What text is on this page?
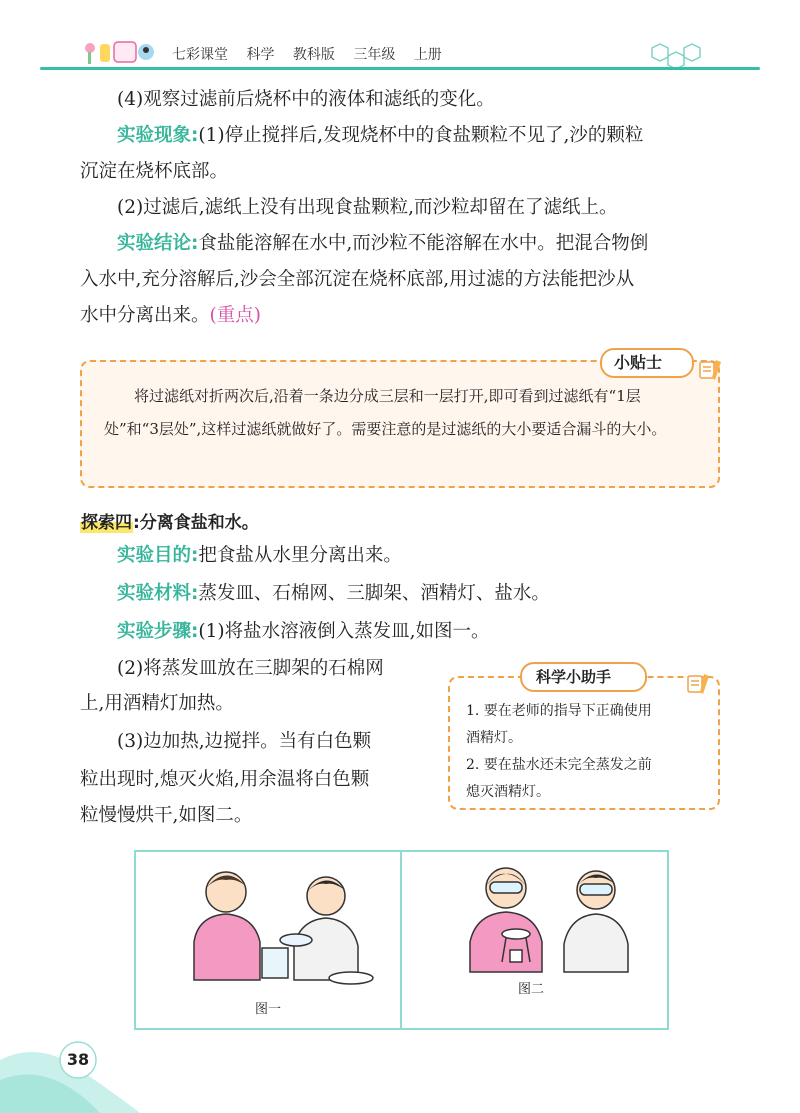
七彩课堂 科学 教科版 三年级 上册
(4)观察过滤前后烧杯中的液体和滤纸的变化。
实验现象:(1)停止搅拌后,发现烧杯中的食盐颗粒不见了,沙的颗粒
沉淀在烧杯底部。
(2)过滤后,滤纸上没有出现食盐颗粒,而沙粒却留在了滤纸上。
实验结论:食盐能溶解在水中,而沙粒不能溶解在水中。把混合物倒
入水中,充分溶解后,沙会全部沉淀在烧杯底部,用过滤的方法能把沙从
水中分离出来。(重点)
小贴士
将过滤纸对折两次后,沿着一条边分成三层和一层打开,即可看到过滤纸有“1层处”和“3层处”,这样过滤纸就做好了。需要注意的是过滤纸的大小要适合漏斗的大小。
探索四:分离食盐和水。
实验目的:把食盐从水里分离出来。
实验材料:蒸发皿、石棉网、三脚架、酒精灯、盐水。
实验步骤:(1)将盐水溶液倒入蒸发皿,如图一。
(2)将蒸发皿放在三脚架的石棉网
上,用酒精灯加热。
(3)边加热,边搅拌。当有白色颗
粒出现时,熄灭火焰,用余温将白色颗
粒慢慢烘干,如图二。
科学小助手
1. 要在老师的指导下正确使用
酒精灯。
2. 要在盐水还未完全蒸发之前
熄灭酒精灯。
图一
图二
38
